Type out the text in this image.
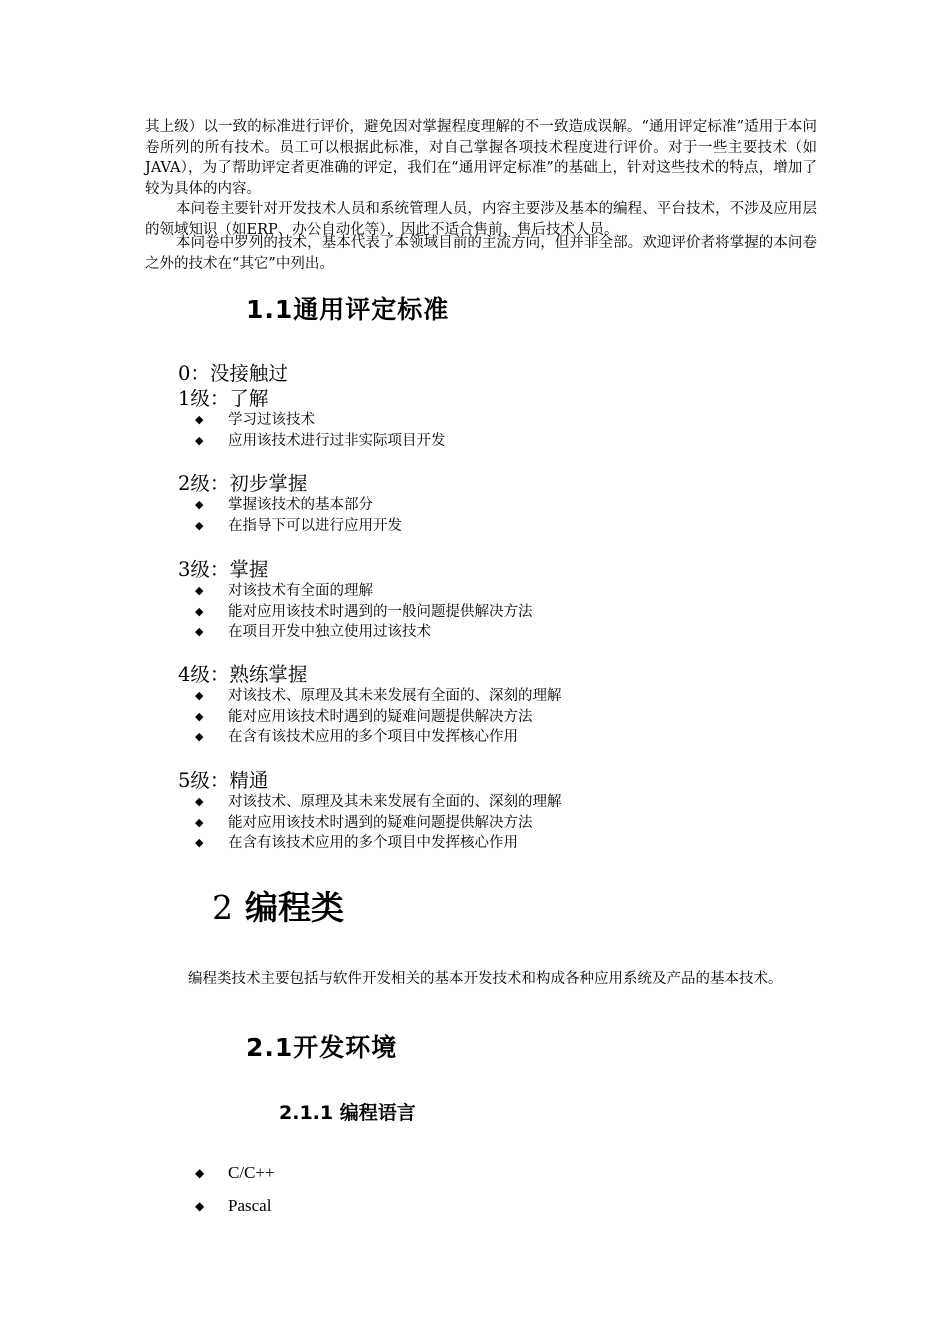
其上级）以一致的标准进行评价，避免因对掌握程度理解的不一致造成误解。“通用评定标准”适用于本问卷所列的所有技术。员工可以根据此标准，对自己掌握各项技术程度进行评价。对于一些主要技术（如JAVA），为了帮助评定者更准确的评定，我们在“通用评定标准”的基础上，针对这些技术的特点，增加了较为具体的内容。

本问卷主要针对开发技术人员和系统管理人员，内容主要涉及基本的编程、平台技术，不涉及应用层的领域知识（如ERP、办公自动化等），因此不适合售前、售后技术人员。

本问卷中罗列的技术，基本代表了本领域目前的主流方向，但并非全部。欢迎评价者将掌握的本问卷之外的技术在“其它”中列出。

1.1通用评定标准
0：没接触过
1级：了解
◆ 学习过该技术
◆ 应用该技术进行过非实际项目开发
2级：初步掌握
◆ 掌握该技术的基本部分
◆ 在指导下可以进行应用开发
3级：掌握
◆ 对该技术有全面的理解
◆ 能对应用该技术时遇到的一般问题提供解决方法
◆ 在项目开发中独立使用过该技术
4级：熟练掌握
◆ 对该技术、原理及其未来发展有全面的、深刻的理解
◆ 能对应用该技术时遇到的疑难问题提供解决方法
◆ 在含有该技术应用的多个项目中发挥核心作用
5级：精通
◆ 对该技术、原理及其未来发展有全面的、深刻的理解
◆ 能对应用该技术时遇到的疑难问题提供解决方法
◆ 在含有该技术应用的多个项目中发挥核心作用
2 编程类

编程类技术主要包括与软件开发相关的基本开发技术和构成各种应用系统及产品的基本技术。

2.1开发环境
2.1.1 编程语言
◆ C/C++
◆ Pascal
